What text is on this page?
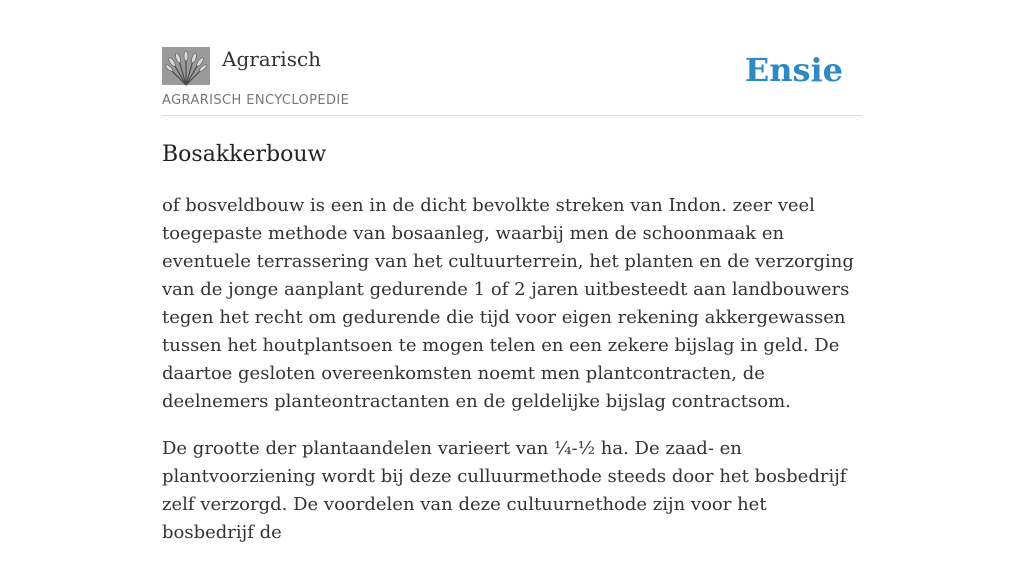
Agrarisch
AGRARISCH ENCYCLOPEDIE
Ensie
Bosakkerbouw

of bosveldbouw is een in de dicht bevolkte streken van Indon. zeer veel toegepaste methode van bosaanleg, waarbij men de schoonmaak en eventuele terrassering van het cultuurterrein, het planten en de verzorging van de jonge aanplant gedurende 1 of 2 jaren uitbesteedt aan landbouwers tegen het recht om gedurende die tijd voor eigen rekening akkergewassen tussen het houtplantsoen te mogen telen en een zekere bijslag in geld. De daartoe gesloten overeenkomsten noemt men plantcontracten, de deelnemers planteontractanten en de geldelijke bijslag contractsom.

De grootte der plantaandelen varieert van ¼-½ ha. De zaad- en plantvoorziening wordt bij deze culluurmethode steeds door het bosbedrijf zelf verzorgd. De voordelen van deze cultuurnethode zijn voor het bosbedrijf de
